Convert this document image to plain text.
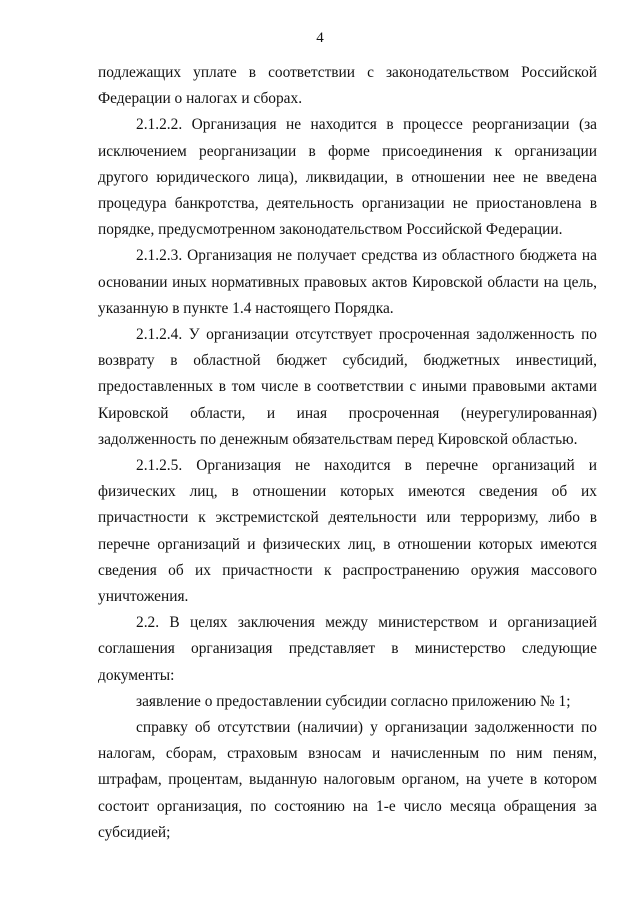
4

подлежащих уплате в соответствии с законодательством Российской Федерации о налогах и сборах.

2.1.2.2. Организация не находится в процессе реорганизации (за исключением реорганизации в форме присоединения к организации другого юридического лица), ликвидации, в отношении нее не введена процедура банкротства, деятельность организации не приостановлена в порядке, предусмотренном законодательством Российской Федерации.

2.1.2.3. Организация не получает средства из областного бюджета на основании иных нормативных правовых актов Кировской области на цель, указанную в пункте 1.4 настоящего Порядка.

2.1.2.4. У организации отсутствует просроченная задолженность по возврату в областной бюджет субсидий, бюджетных инвестиций, предоставленных в том числе в соответствии с иными правовыми актами Кировской области, и иная просроченная (неурегулированная) задолженность по денежным обязательствам перед Кировской областью.

2.1.2.5. Организация не находится в перечне организаций и физических лиц, в отношении которых имеются сведения об их причастности к экстремистской деятельности или терроризму, либо в перечне организаций и физических лиц, в отношении которых имеются сведения об их причастности к распространению оружия массового уничтожения.

2.2. В целях заключения между министерством и организацией соглашения организация представляет в министерство следующие документы:

заявление о предоставлении субсидии согласно приложению № 1;

справку об отсутствии (наличии) у организации задолженности по налогам, сборам, страховым взносам и начисленным по ним пеням, штрафам, процентам, выданную налоговым органом, на учете в котором состоит организация, по состоянию на 1-е число месяца обращения за субсидией;
